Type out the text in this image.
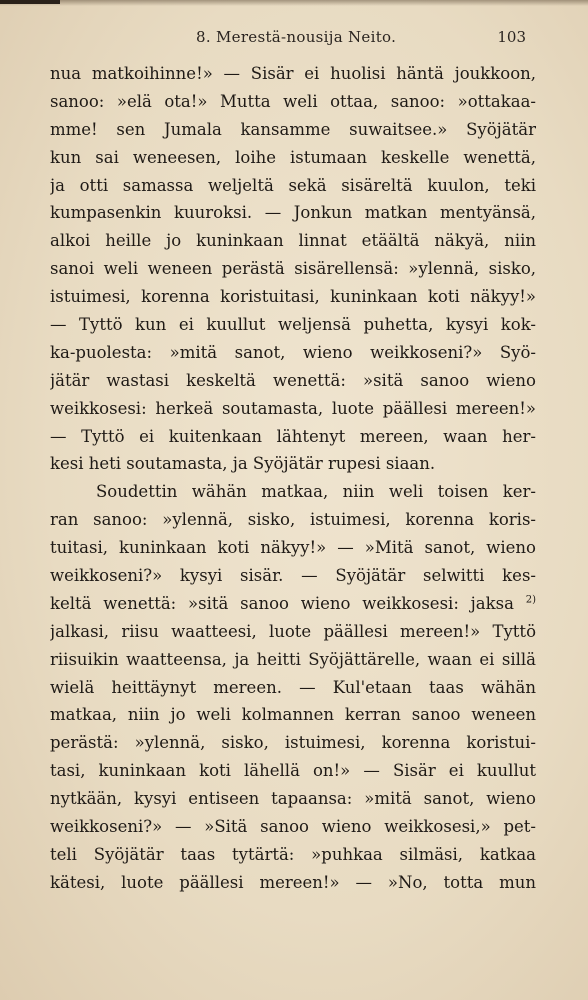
8. Merestä-nousija Neito.	103
nua matkoihinne!» — Sisär ei huolisi häntä joukkoon,
sanoo: »elä ota!» Mutta weli ottaa, sanoo: »ottakaa-
mme! sen Jumala kansamme suwaitsee.» Syöjätär
kun sai weneesen, loihe istumaan keskelle wenettä,
ja otti samassa weljeltä sekä sisäreltä kuulon, teki
kumpasenkin kuuroksi. — Jonkun matkan mentyänsä,
alkoi heille jo kuninkaan linnat etäältä näkyä, niin
sanoi weli weneen perästä sisärellensä: »ylennä, sisko,
istuimesi, korenna koristuitasi, kuninkaan koti näkyy!»
— Tyttö kun ei kuullut weljensä puhetta, kysyi kok-
ka-puolesta: »mitä sanot, wieno weikkoseni?» Syö-
jätär wastasi keskeltä wenettä: »sitä sanoo wieno
weikkosesi: herkeä soutamasta, luote päällesi mereen!»
— Tyttö ei kuitenkaan lähtenyt mereen, waan her-
kesi heti soutamasta, ja Syöjätär rupesi siaan.
Soudettin wähän matkaa, niin weli toisen ker-
ran sanoo: »ylennä, sisko, istuimesi, korenna koris-
tuitasi, kuninkaan koti näkyy!» — »Mitä sanot, wieno
weikkoseni?» kysyi sisär. — Syöjätär selwitti kes-
keltä wenettä: »sitä sanoo wieno weikkosesi: jaksa $^{2)}$
jalkasi, riisu waatteesi, luote päällesi mereen!» Tyttö
riisuikin waatteensa, ja heitti Syöjättärelle, waan ei sillä
wielä heittäynyt mereen. — Kul'etaan taas wähän
matkaa, niin jo weli kolmannen kerran sanoo weneen
perästä: »ylennä, sisko, istuimesi, korenna koristui-
tasi, kuninkaan koti lähellä on!» — Sisär ei kuullut
nytkään, kysyi entiseen tapaansa: »mitä sanot, wieno
weikkoseni?» — »Sitä sanoo wieno weikkosesi,» pet-
teli Syöjätär taas tytärtä: »puhkaa silmäsi, katkaa
kätesi, luote päällesi mereen!» — »No, totta mun
